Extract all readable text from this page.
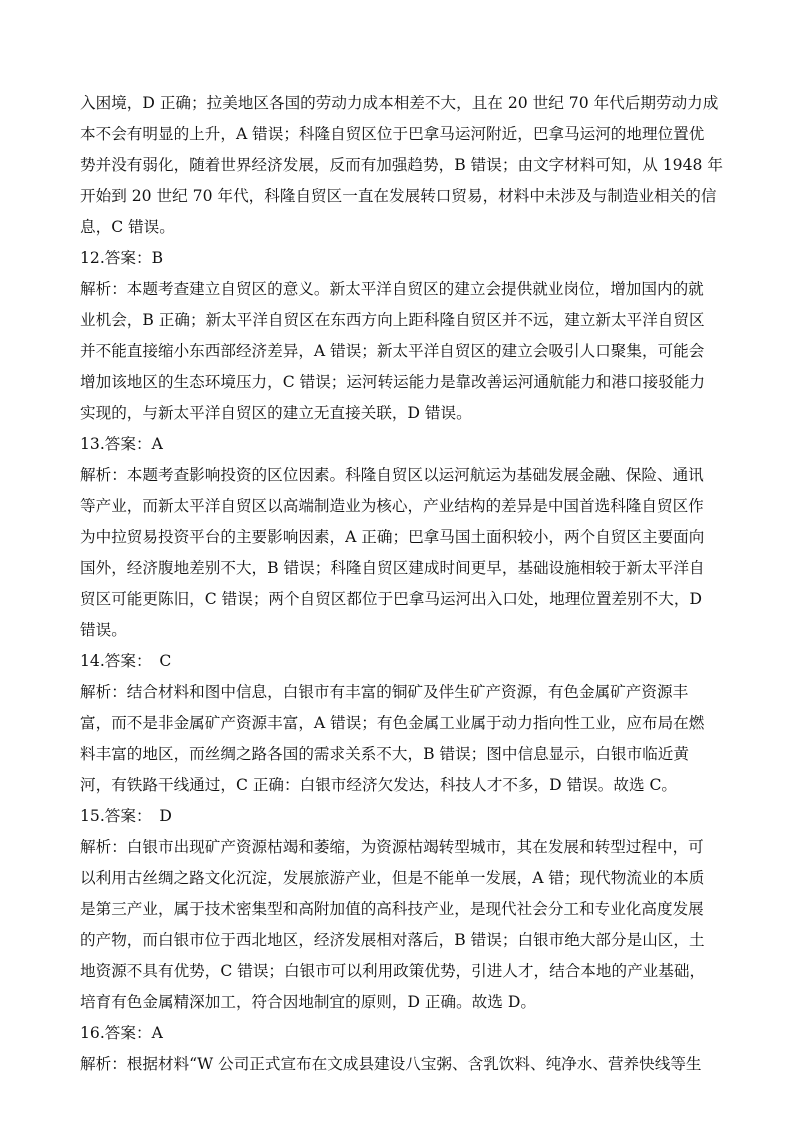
入困境，D 正确；拉美地区各国的劳动力成本相差不大，且在 20 世纪 70 年代后期劳动力成
本不会有明显的上升，A 错误；科隆自贸区位于巴拿马运河附近，巴拿马运河的地理位置优
势并没有弱化，随着世界经济发展，反而有加强趋势，B 错误；由文字材料可知，从 1948 年
开始到 20 世纪 70 年代，科隆自贸区一直在发展转口贸易，材料中未涉及与制造业相关的信
息，C 错误。
12.答案：B
解析：本题考查建立自贸区的意义。新太平洋自贸区的建立会提供就业岗位，增加国内的就
业机会，B 正确；新太平洋自贸区在东西方向上距科隆自贸区并不远，建立新太平洋自贸区
并不能直接缩小东西部经济差异，A 错误；新太平洋自贸区的建立会吸引人口聚集，可能会
增加该地区的生态环境压力，C 错误；运河转运能力是靠改善运河通航能力和港口接驳能力
实现的，与新太平洋自贸区的建立无直接关联，D 错误。
13.答案：A
解析：本题考查影响投资的区位因素。科隆自贸区以运河航运为基础发展金融、保险、通讯
等产业，而新太平洋自贸区以高端制造业为核心，产业结构的差异是中国首选科隆自贸区作
为中拉贸易投资平台的主要影响因素，A 正确；巴拿马国土面积较小，两个自贸区主要面向
国外，经济腹地差别不大，B 错误；科隆自贸区建成时间更早，基础设施相较于新太平洋自
贸区可能更陈旧，C 错误；两个自贸区都位于巴拿马运河出入口处，地理位置差别不大，D
错误。
14.答案：　C
解析：结合材料和图中信息，白银市有丰富的铜矿及伴生矿产资源，有色金属矿产资源丰
富，而不是非金属矿产资源丰富，A 错误；有色金属工业属于动力指向性工业，应布局在燃
料丰富的地区，而丝绸之路各国的需求关系不大，B 错误；图中信息显示，白银市临近黄
河，有铁路干线通过，C 正确：白银市经济欠发达，科技人才不多，D 错误。故选 C。
15.答案：　D
解析：白银市出现矿产资源枯竭和萎缩，为资源枯竭转型城市，其在发展和转型过程中，可
以利用古丝绸之路文化沉淀，发展旅游产业，但是不能单一发展，A 错；现代物流业的本质
是第三产业，属于技术密集型和高附加值的高科技产业，是现代社会分工和专业化高度发展
的产物，而白银市位于西北地区，经济发展相对落后，B 错误；白银市绝大部分是山区，土
地资源不具有优势，C 错误；白银市可以利用政策优势，引进人才，结合本地的产业基础，
培育有色金属精深加工，符合因地制宜的原则，D 正确。故选 D。
16.答案：A
解析：根据材料“W 公司正式宣布在文成县建设八宝粥、含乳饮料、纯净水、营养快线等生
